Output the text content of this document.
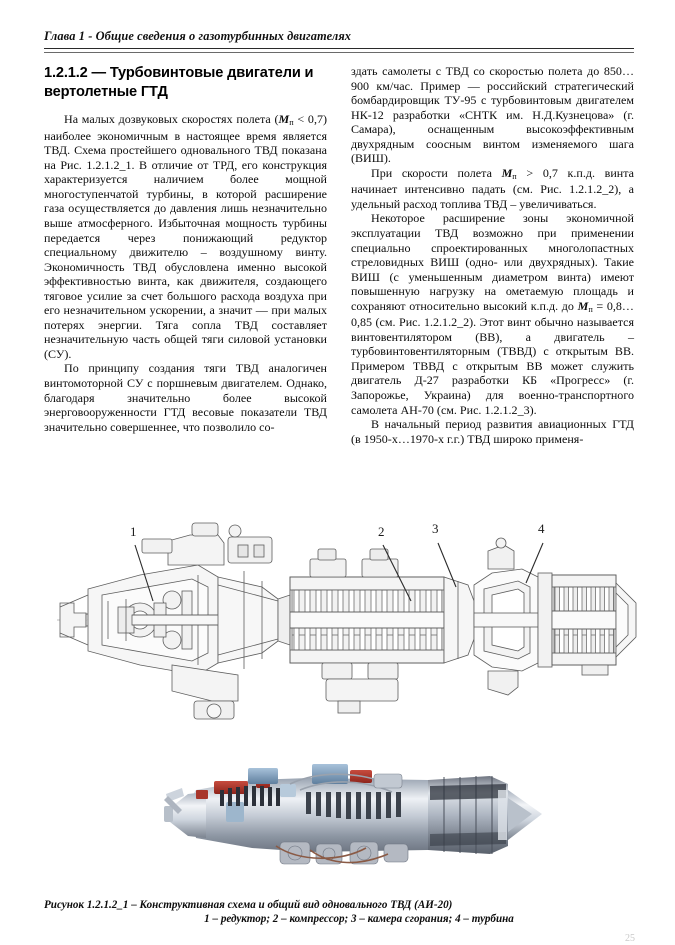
Глава 1 - Общие сведения о газотурбинных двигателях
1.2.1.2 — Турбовинтовые двигатели и вертолетные ГТД

На малых дозвуковых скоростях полета $(M_п < 0,7)$ наиболее экономичным в настоящее время является ТВД. Схема простейшего одновального ТВД показана на Рис. 1.2.1.2_1. В отличие от ТРД, его конструкция характеризуется наличием более мощной многоступенчатой турбины, в которой расширение газа осуществляется до давления лишь незначительно выше атмосферного. Избыточная мощность турбины передается через понижающий редуктор специальному движителю – воздушному винту. Экономичность ТВД обусловлена именно высокой эффективностью винта, как движителя, создающего тяговое усилие за счет большого расхода воздуха при его незначительном ускорении, а значит — при малых потерях энергии. Тяга сопла ТВД составляет незначительную часть общей тяги силовой установки (СУ).

По принципу создания тяги ТВД аналогичен винтомоторной СУ с поршневым двигателем. Однако, благодаря значительно более высокой энерговооруженности ГТД весовые показатели ТВД значительно совершеннее, что позволило со-

здать самолеты с ТВД со скоростью полета до 850…900 км/час. Пример — российский стратегический бомбардировщик ТУ-95 с турбовинтовым двигателем НК-12 разработки «СНТК им. Н.Д.Кузнецова» (г. Самара), оснащенным высокоэффективным двухрядным соосным винтом изменяемого шага (ВИШ).

При скорости полета $M_п > 0,7$ к.п.д. винта начинает интенсивно падать (см. Рис. 1.2.1.2_2), а удельный расход топлива ТВД – увеличиваться.

Некоторое расширение зоны экономичной эксплуатации ТВД возможно при применении специально спроектированных многолопастных стреловидных ВИШ (одно- или двухрядных). Такие ВИШ (с уменьшенным диаметром винта) имеют повышенную нагрузку на ометаемую площадь и сохраняют относительно высокий к.п.д. до $M_п$ = 0,8…0,85 (см. Рис. 1.2.1.2_2). Этот винт обычно называется винтовентилятором (ВВ), а двигатель – турбовинтовентиляторным (ТВВД) с открытым ВВ. Примером ТВВД с открытым ВВ может служить двигатель Д-27 разработки КБ «Прогресс» (г. Запорожье, Украина) для военно-транспортного самолета АН-70 (см. Рис. 1.2.1.2_3).

В начальный период развития авиационных ГТД (в 1950-х…1970-х г.г.) ТВД широко применя-

1	2	3	4
Рисунок 1.2.1.2_1 – Конструктивная схема и общий вид одновального ТВД (АИ-20)
1 – редуктор; 2 – компрессор; 3 – камера сгорания; 4 – турбина
25
